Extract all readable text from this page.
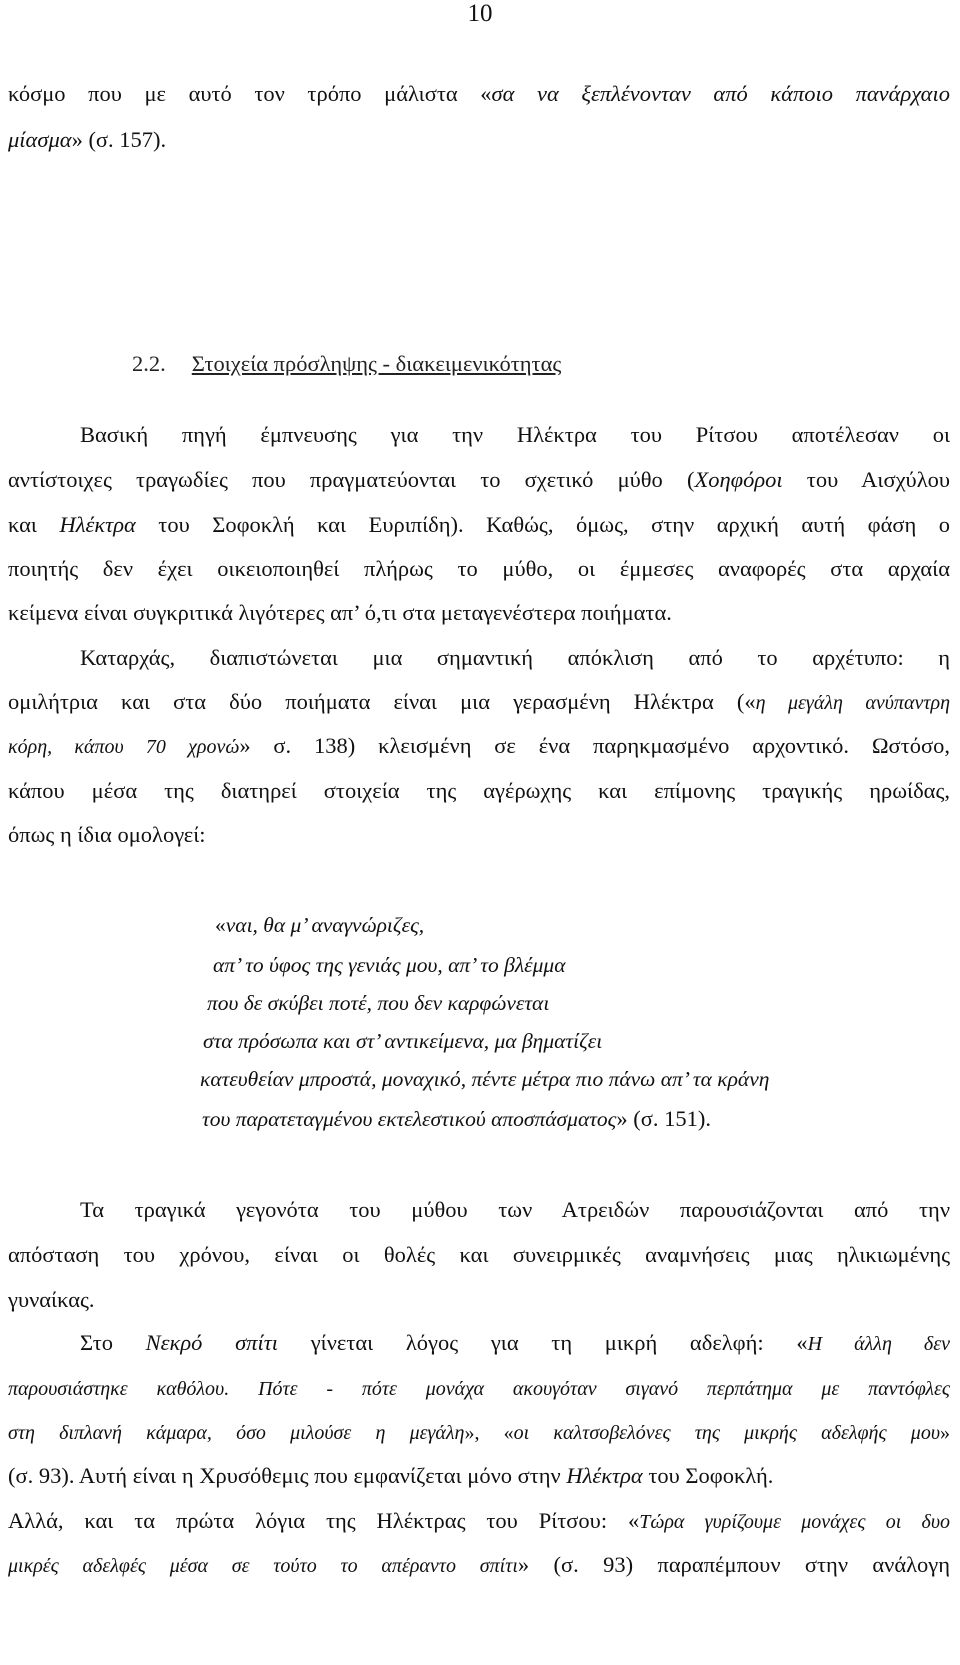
10
κόσμο που με αυτό τον τρόπο μάλιστα «σα να ξεπλένονταν από κάποιο πανάρχαιο
μίασμα» (σ. 157).
2.2. Στοιχεία πρόσληψης - διακειμενικότητας
Βασική πηγή έμπνευσης για την Ηλέκτρα του Ρίτσου αποτέλεσαν οι
αντίστοιχες τραγωδίες που πραγματεύονται το σχετικό μύθο (Χοηφόροι του Αισχύλου
και Ηλέκτρα του Σοφοκλή και Ευριπίδη). Καθώς, όμως, στην αρχική αυτή φάση ο
ποιητής δεν έχει οικειοποιηθεί πλήρως το μύθο, οι έμμεσες αναφορές στα αρχαία
κείμενα είναι συγκριτικά λιγότερες απ’ ό,τι στα μεταγενέστερα ποιήματα.
Καταρχάς, διαπιστώνεται μια σημαντική απόκλιση από το αρχέτυπο: η
ομιλήτρια και στα δύο ποιήματα είναι μια γερασμένη Ηλέκτρα («η μεγάλη ανύπαντρη
κόρη, κάπου 70 χρονώ» σ. 138) κλεισμένη σε ένα παρηκμασμένο αρχοντικό. Ωστόσο,
κάπου μέσα της διατηρεί στοιχεία της αγέρωχης και επίμονης τραγικής ηρωίδας,
όπως η ίδια ομολογεί:
«ναι, θα μ’ αναγνώριζες,
απ’ το ύφος της γενιάς μου, απ’ το βλέμμα
που δε σκύβει ποτέ, που δεν καρφώνεται
στα πρόσωπα και στ’ αντικείμενα, μα βηματίζει
κατευθείαν μπροστά, μοναχικό, πέντε μέτρα πιο πάνω απ’ τα κράνη
του παρατεταγμένου εκτελεστικού αποσπάσματος» (σ. 151).
Τα τραγικά γεγονότα του μύθου των Ατρειδών παρουσιάζονται από την
απόσταση του χρόνου, είναι οι θολές και συνειρμικές αναμνήσεις μιας ηλικιωμένης
γυναίκας.
Στο Νεκρό σπίτι γίνεται λόγος για τη μικρή αδελφή: «Η άλλη δεν
παρουσιάστηκε καθόλου. Πότε - πότε μονάχα ακουγόταν σιγανό περπάτημα με παντόφλες
στη διπλανή κάμαρα, όσο μιλούσε η μεγάλη», «οι καλτσοβελόνες της μικρής αδελφής μου»
(σ. 93). Αυτή είναι η Χρυσόθεμις που εμφανίζεται μόνο στην Ηλέκτρα του Σοφοκλή.
Αλλά, και τα πρώτα λόγια της Ηλέκτρας του Ρίτσου: «Τώρα γυρίζουμε μονάχες οι δυο
μικρές αδελφές μέσα σε τούτο το απέραντο σπίτι» (σ. 93) παραπέμπουν στην ανάλογη
